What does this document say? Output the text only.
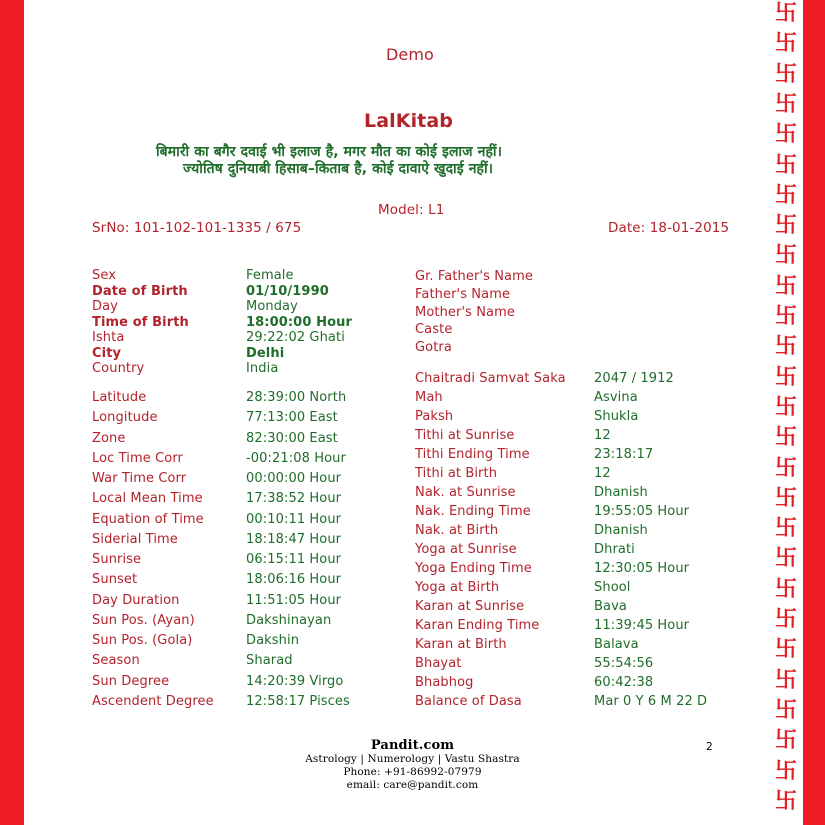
卐
卐
卐
卐
卐
卐
卐
卐
卐
卐
卐
卐
卐
卐
卐
卐
卐
卐
卐
卐
卐
卐
卐
卐
卐
卐
卐
Demo
LalKitab
बिमारी का बगैर दवाई भी इलाज है, मगर मौत का कोई इलाज नहीं।
ज्योतिष दुनियाबी हिसाब–किताब है, कोई दावाऐ खुदाई नहीं।
Model: L1
SrNo: 101-102-101-1335 / 675	Date: 18-01-2015
Sex	Female
Date of Birth	01/10/1990
Day	Monday
Time of Birth	18:00:00 Hour
Ishta	29:22:02 Ghati
City	Delhi
Country	India
Latitude	28:39:00 North
Longitude	77:13:00 East
Zone	82:30:00 East
Loc Time Corr	-00:21:08 Hour
War Time Corr	00:00:00 Hour
Local Mean Time	17:38:52 Hour
Equation of Time	00:10:11 Hour
Siderial Time	18:18:47 Hour
Sunrise	06:15:11 Hour
Sunset	18:06:16 Hour
Day Duration	11:51:05 Hour
Sun Pos. (Ayan)	Dakshinayan
Sun Pos. (Gola)	Dakshin
Season	Sharad
Sun Degree	14:20:39 Virgo
Ascendent Degree 12:58:17 Pisces
Gr. Father's Name
Father's Name
Mother's Name
Caste
Gotra
Chaitradi Samvat Saka 2047 / 1912
Mah	Asvina
Paksh	Shukla
Tithi at Sunrise	12
Tithi Ending Time	23:18:17
Tithi at Birth	12
Nak. at Sunrise	Dhanish
Nak. Ending Time	19:55:05 Hour
Nak. at Birth	Dhanish
Yoga at Sunrise	Dhrati
Yoga Ending Time	12:30:05 Hour
Yoga at Birth	Shool
Karan at Sunrise	Bava
Karan Ending Time	11:39:45 Hour
Karan at Birth	Balava
Bhayat	55:54:56
Bhabhog	60:42:38
Balance of Dasa	Mar 0 Y 6 M 22 D
Pandit.com
Astrology | Numerology | Vastu Shastra
Phone: +91-86992-07979
email: care@pandit.com
2
